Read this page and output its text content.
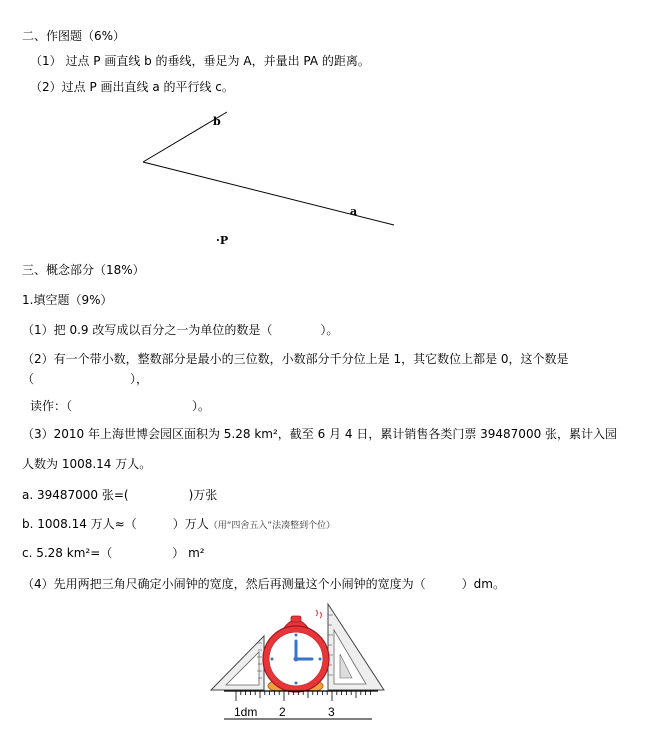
二、作图题（6%）
（1） 过点 P 画直线 b 的垂线，垂足为 A，并量出 PA 的距离。
（2）过点 P 画出直线 a 的平行线 c。
b
a
·P
三、概念部分（18%）
1.填空题（9%）
（1）把 0.9 改写成以百分之一为单位的数是（　　　　）。
（2）有一个带小数，整数部分是最小的三位数，小数部分千分位上是 1，其它数位上都是 0，这个数是
（　　　　　　　　），
读作：（　　　　　　　　　　）。
（3）2010 年上海世博会园区面积为 5.28 km²，截至 6 月 4 日，累计销售各类门票 39487000 张，累计入园
人数为 1008.14 万人。
a. 39487000 张=(　　　　　)万张
b. 1008.14 万人≈（　　　）万人（用“四舍五入”法凑整到个位）
c. 5.28 km²=（　　　　　） m²
（4）先用两把三角尺确定小闹钟的宽度，然后再测量这个小闹钟的宽度为（　　　）dm。
1dm 2	3
